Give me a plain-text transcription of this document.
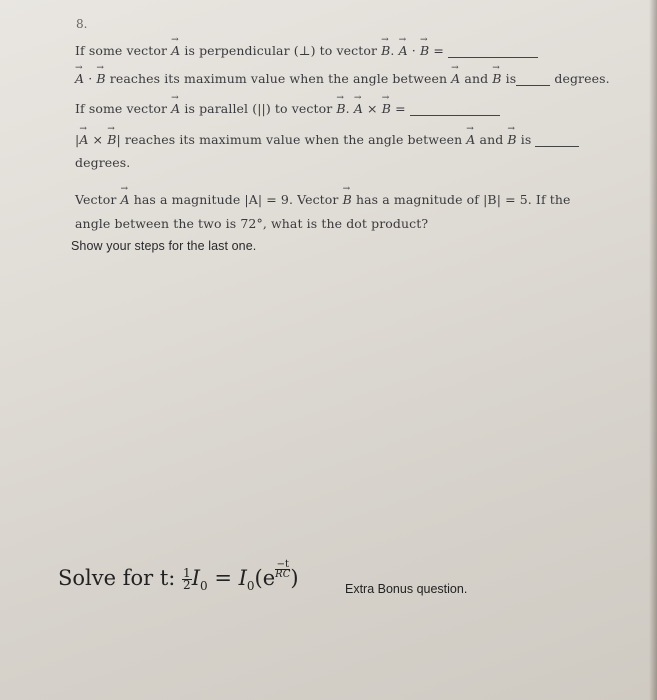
8.
If some vector → A is perpendicular (⊥) to vector → B. → A · → B =
→ A · → B reaches its maximum value when the angle between → A and → B is	degrees.
If some vector → A is parallel (||) to vector → B. → A × → B =
|→ A × → B| reaches its maximum value when the angle between → A and → B is
degrees.
Vector → A has a magnitude |A| = 9. Vector → B has a magnitude of |B| = 5. If the
angle between the two is 72°, what is the dot product?
Show your steps for the last one.
Solve for t: $\frac{1}{2} I_0 = I_0(e \frac{-t}{RC}$ )	Extra Bonus question.
